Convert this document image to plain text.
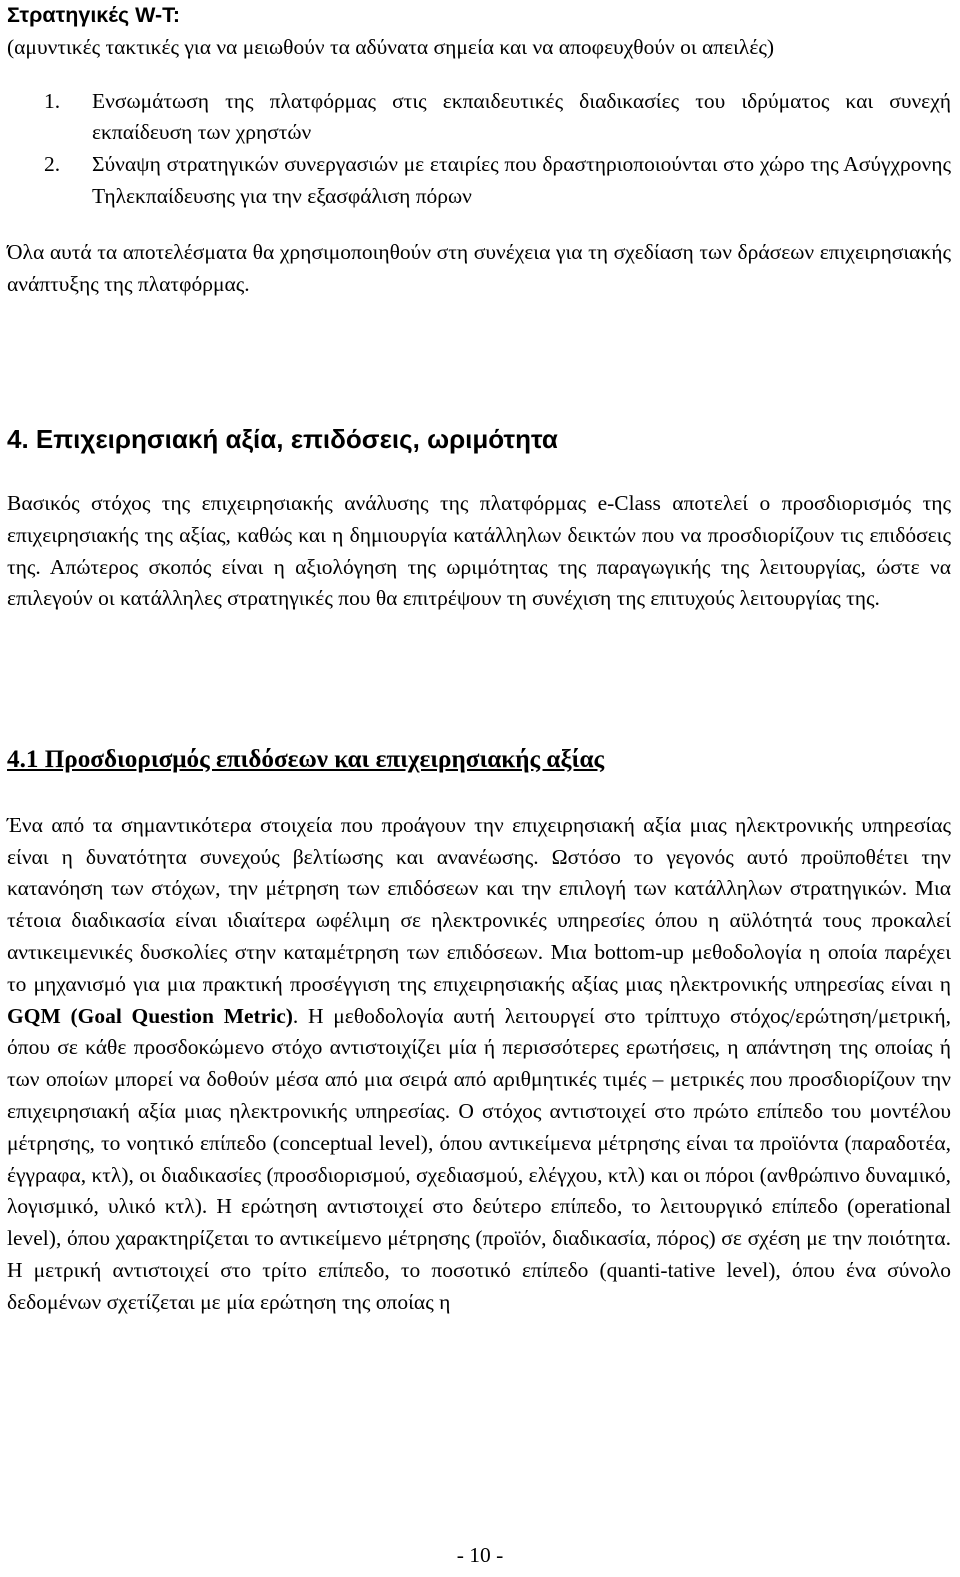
Στρατηγικές W-T:

(αμυντικές τακτικές για να μειωθούν τα αδύνατα σημεία και να αποφευχθούν οι απειλές)

1. Ενσωμάτωση της πλατφόρμας στις εκπαιδευτικές διαδικασίες του ιδρύματος και συνεχή εκπαίδευση των χρηστών
2. Σύναψη στρατηγικών συνεργασιών με εταιρίες που δραστηριοποιούνται στο χώρο της Ασύγχρονης Τηλεκπαίδευσης για την εξασφάλιση πόρων

Όλα αυτά τα αποτελέσματα θα χρησιμοποιηθούν στη συνέχεια για τη σχεδίαση των δράσεων επιχειρησιακής ανάπτυξης της πλατφόρμας.

4. Επιχειρησιακή αξία, επιδόσεις, ωριμότητα

Βασικός στόχος της επιχειρησιακής ανάλυσης της πλατφόρμας e-Class αποτελεί ο προσδιορισμός της επιχειρησιακής της αξίας, καθώς και η δημιουργία κατάλληλων δεικτών που να προσδιορίζουν τις επιδόσεις της. Απώτερος σκοπός είναι η αξιολόγηση της ωριμότητας της παραγωγικής της λειτουργίας, ώστε να επιλεγούν οι κατάλληλες στρατηγικές που θα επιτρέψουν τη συνέχιση της επιτυχούς λειτουργίας της.

4.1 Προσδιορισμός επιδόσεων και επιχειρησιακής αξίας

Ένα από τα σημαντικότερα στοιχεία που προάγουν την επιχειρησιακή αξία μιας ηλεκτρονικής υπηρεσίας είναι η δυνατότητα συνεχούς βελτίωσης και ανανέωσης. Ωστόσο το γεγονός αυτό προϋποθέτει την κατανόηση των στόχων, την μέτρηση των επιδόσεων και την επιλογή των κατάλληλων στρατηγικών. Μια τέτοια διαδικασία είναι ιδιαίτερα ωφέλιμη σε ηλεκτρονικές υπηρεσίες όπου η αϋλότητά τους προκαλεί αντικειμενικές δυσκολίες στην καταμέτρηση των επιδόσεων. Μια bottom-up μεθοδολογία η οποία παρέχει το μηχανισμό για μια πρακτική προσέγγιση της επιχειρησιακής αξίας μιας ηλεκτρονικής υπηρεσίας είναι η GQM (Goal Question Metric). Η μεθοδολογία αυτή λειτουργεί στο τρίπτυχο στόχος/ερώτηση/μετρική, όπου σε κάθε προσδοκώμενο στόχο αντιστοιχίζει μία ή περισσότερες ερωτήσεις, η απάντηση της οποίας ή των οποίων μπορεί να δοθούν μέσα από μια σειρά από αριθμητικές τιμές – μετρικές που προσδιορίζουν την επιχειρησιακή αξία μιας ηλεκτρονικής υπηρεσίας. Ο στόχος αντιστοιχεί στο πρώτο επίπεδο του μοντέλου μέτρησης, το νοητικό επίπεδο (conceptual level), όπου αντικείμενα μέτρησης είναι τα προϊόντα (παραδοτέα, έγγραφα, κτλ), οι διαδικασίες (προσδιορισμού, σχεδιασμού, ελέγχου, κτλ) και οι πόροι (ανθρώπινο δυναμικό, λογισμικό, υλικό κτλ). Η ερώτηση αντιστοιχεί στο δεύτερο επίπεδο, το λειτουργικό επίπεδο (operational level), όπου χαρακτηρίζεται το αντικείμενο μέτρησης (προϊόν, διαδικασία, πόρος) σε σχέση με την ποιότητα. Η μετρική αντιστοιχεί στο τρίτο επίπεδο, το ποσοτικό επίπεδο (quanti-tative level), όπου ένα σύνολο δεδομένων σχετίζεται με μία ερώτηση της οποίας η

- 10 -
